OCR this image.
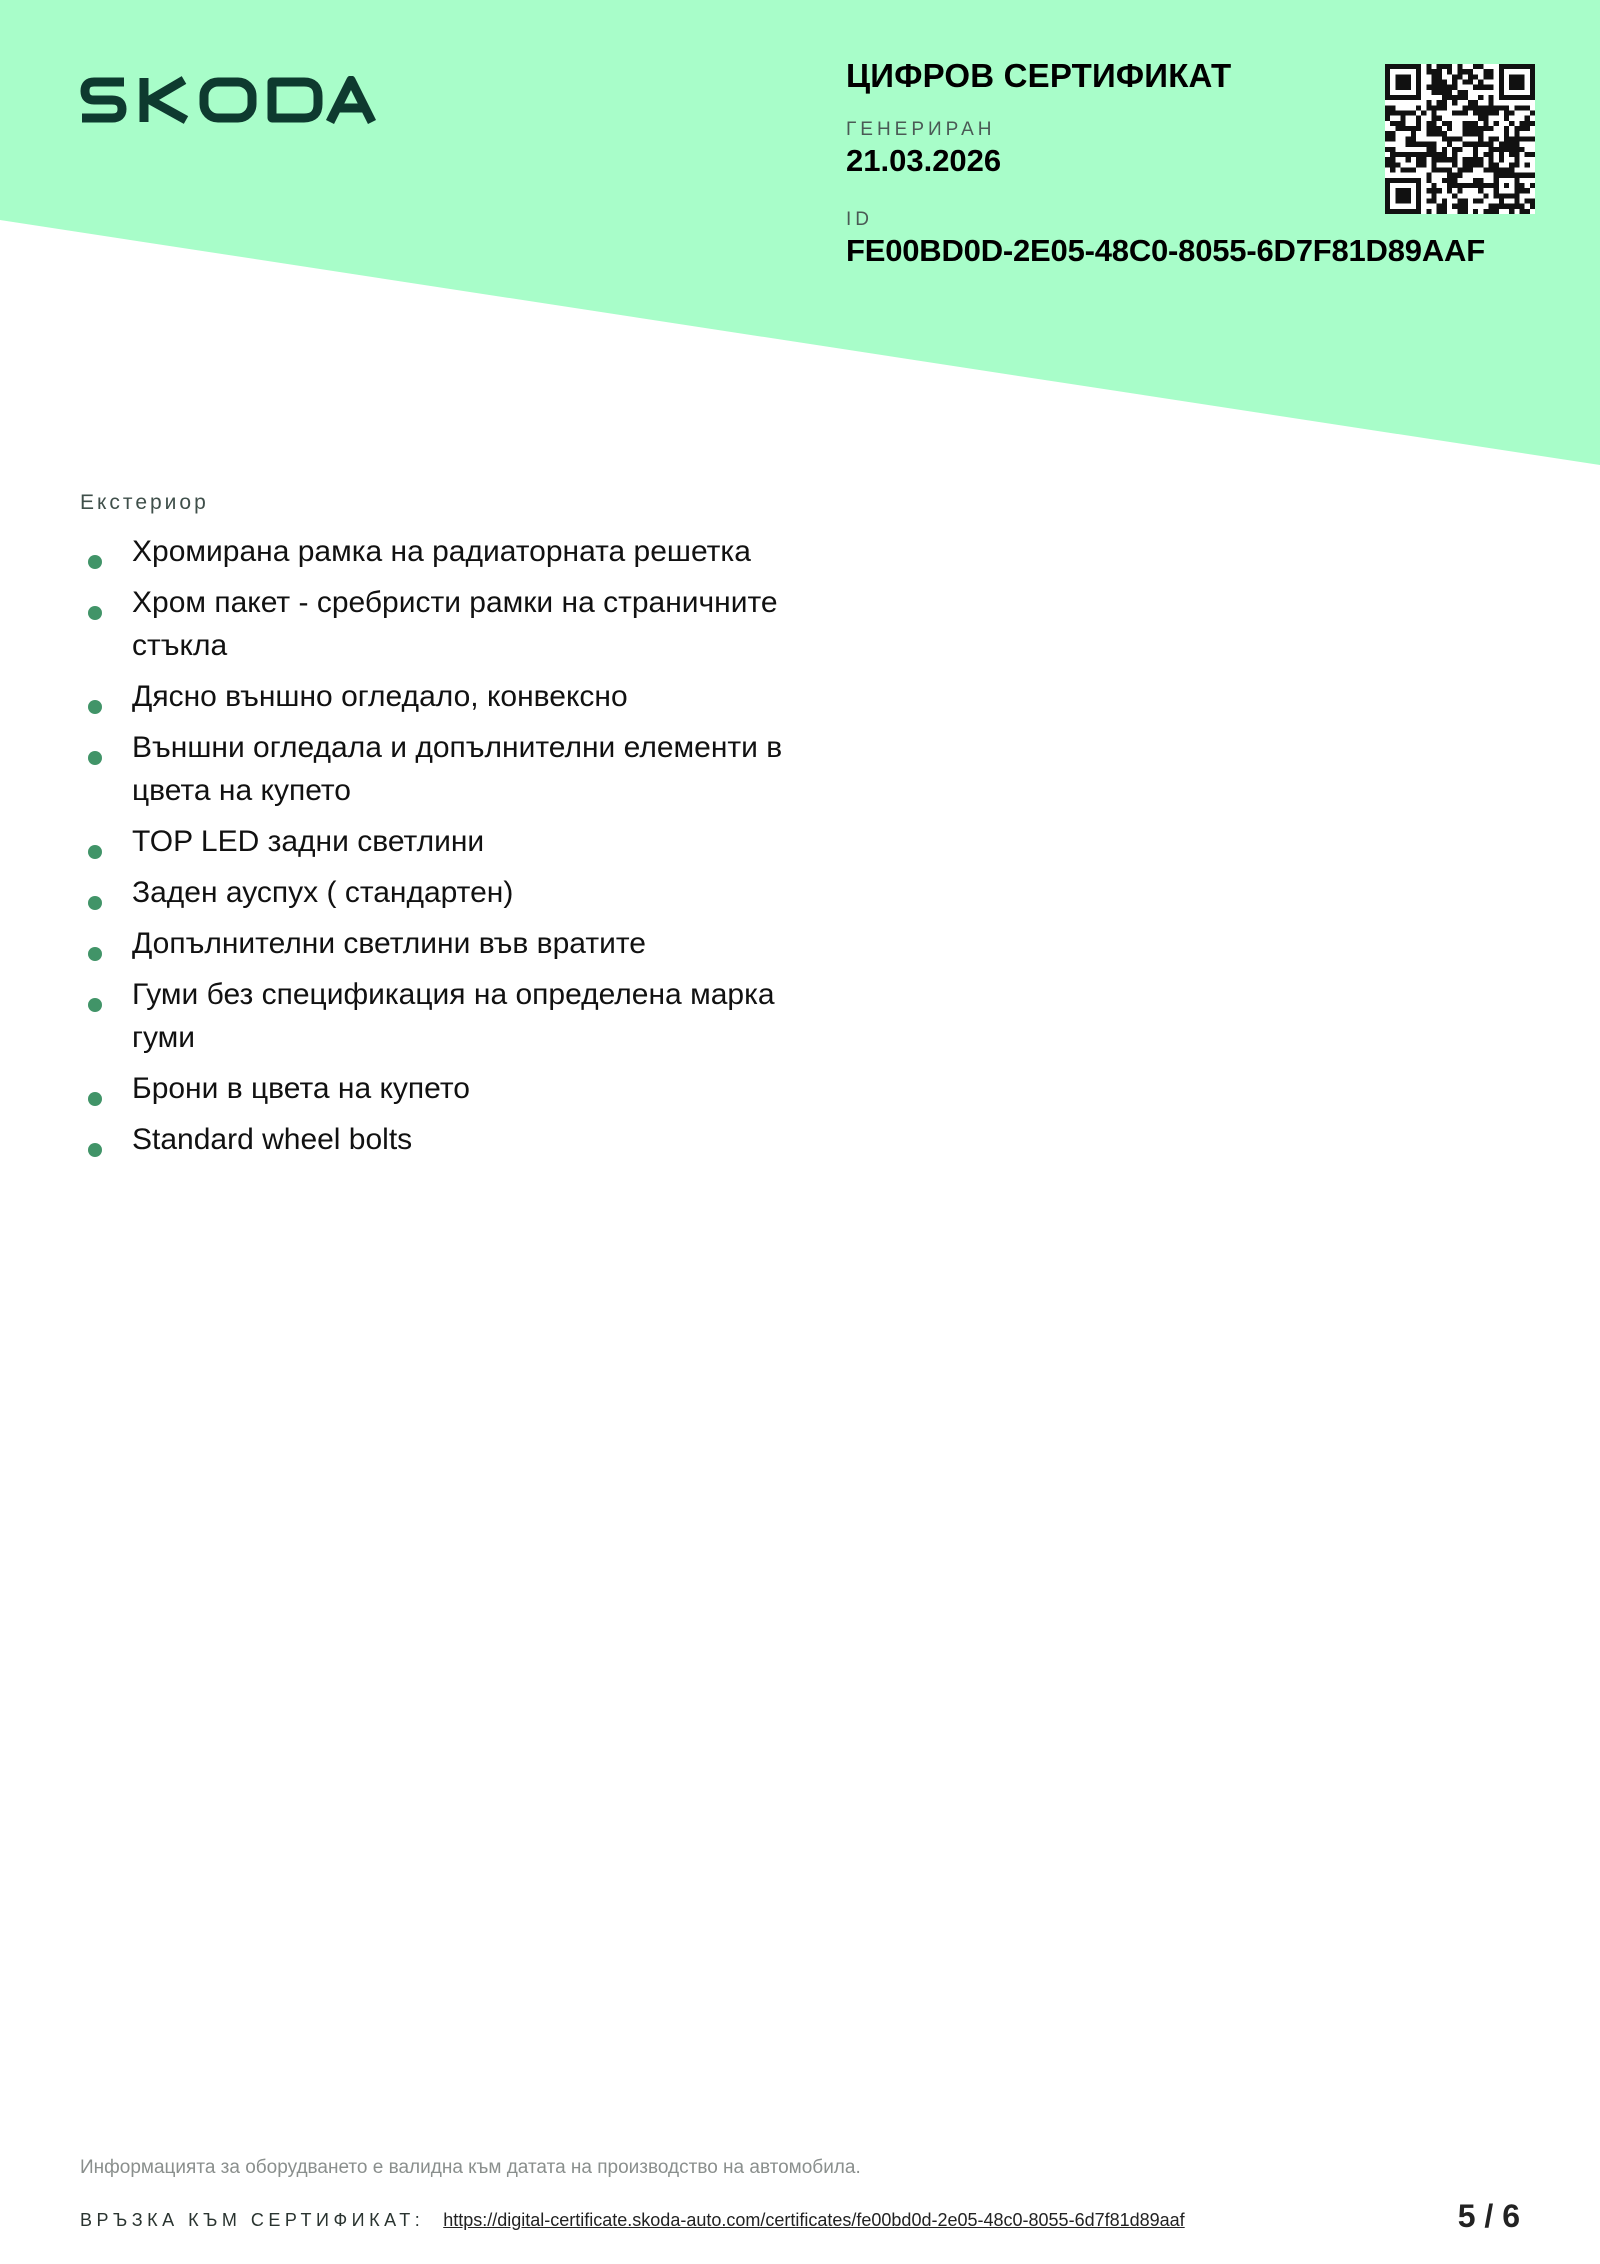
ЦИФРОВ СЕРТИФИКАТ
ГЕНЕРИРАН
21.03.2026
ID
FE00BD0D-2E05-48C0-8055-6D7F81D89AAF
Екстериор
Хромирана рамка на радиаторната решетка
Хром пакет - сребристи рамки на страничните стъкла
Дясно външно огледало, конвексно
Външни огледала и допълнителни елементи в цвета на купето
TOP LED задни светлини
Заден ауспух ( стандартен)
Допълнителни светлини във вратите
Гуми без спецификация на определена марка гуми
Брони в цвета на купето
Standard wheel bolts
Информацията за оборудването е валидна към датата на производство на автомобила.
ВРЪЗКА КЪМ СЕРТИФИКАТ: https://digital-certificate.skoda-auto.com/certificates/fe00bd0d-2e05-48c0-8055-6d7f81d89aaf	5 / 6
